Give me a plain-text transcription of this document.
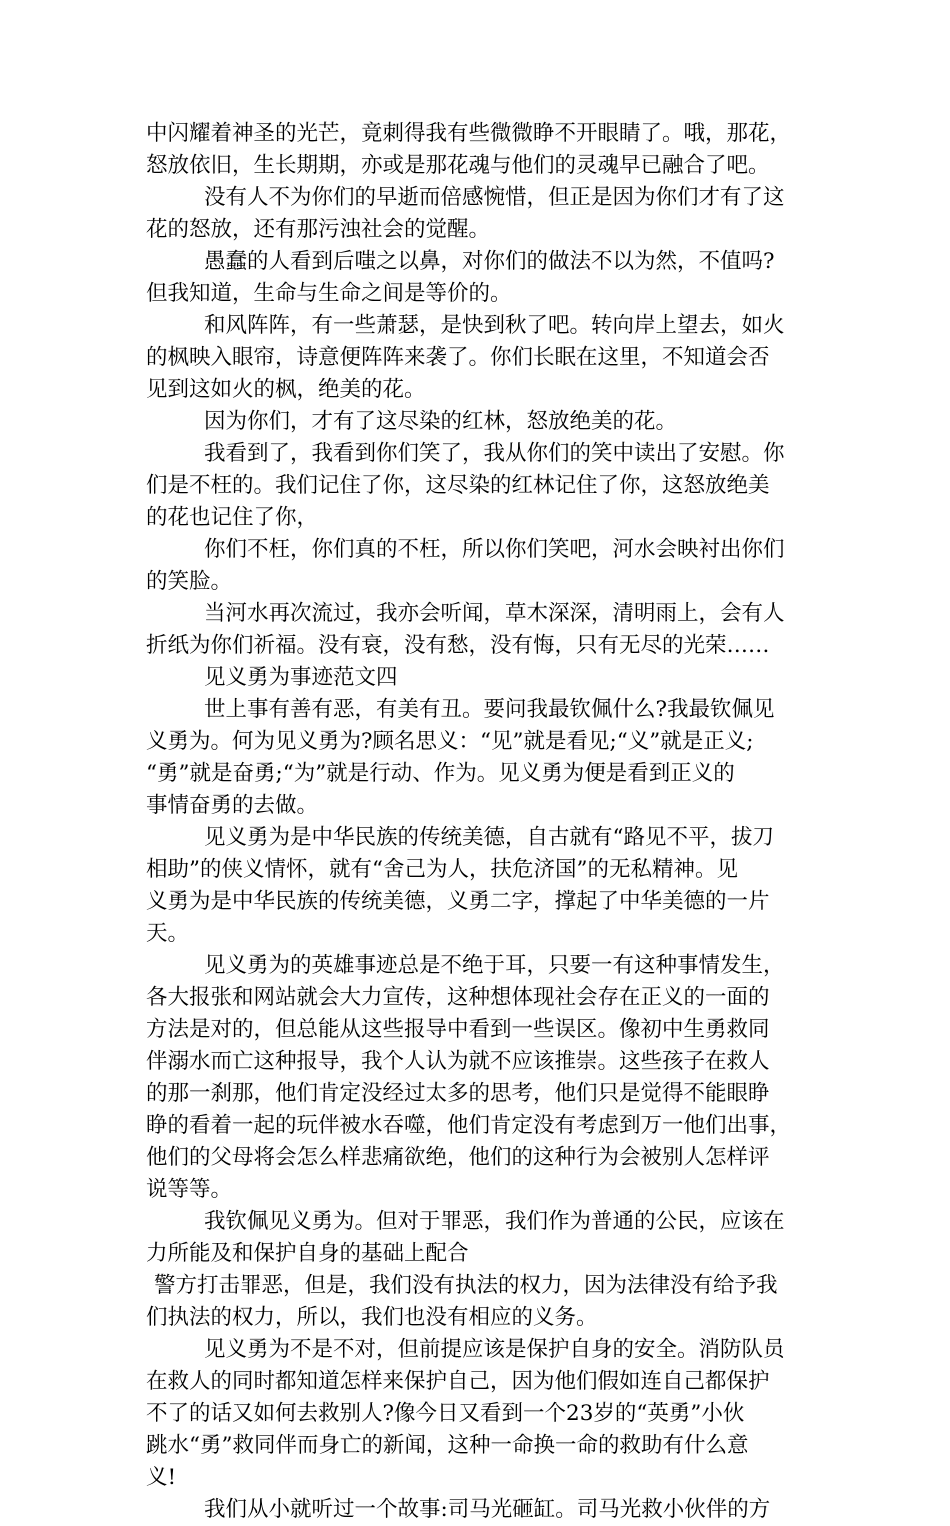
中闪耀着神圣的光芒，竟刺得我有些微微睁不开眼睛了。哦，那花，
怒放依旧，生长期期，亦或是那花魂与他们的灵魂早已融合了吧。
没有人不为你们的早逝而倍感惋惜，但正是因为你们才有了这
花的怒放，还有那污浊社会的觉醒。
愚蠢的人看到后嗤之以鼻，对你们的做法不以为然，不值吗?
但我知道，生命与生命之间是等价的。
和风阵阵，有一些萧瑟，是快到秋了吧。转向岸上望去，如火
的枫映入眼帘，诗意便阵阵来袭了。你们长眠在这里，不知道会否
见到这如火的枫，绝美的花。
因为你们，才有了这尽染的红林，怒放绝美的花。
我看到了，我看到你们笑了，我从你们的笑中读出了安慰。你
们是不枉的。我们记住了你，这尽染的红林记住了你，这怒放绝美
的花也记住了你，
你们不枉，你们真的不枉，所以你们笑吧，河水会映衬出你们
的笑脸。
当河水再次流过，我亦会听闻，草木深深，清明雨上，会有人
折纸为你们祈福。没有衰，没有愁，没有悔，只有无尽的光荣……
见义勇为事迹范文四
世上事有善有恶，有美有丑。要问我最钦佩什么?我最钦佩见
义勇为。何为见义勇为?顾名思义：“见”就是看见;“义”就是正义;
“勇”就是奋勇;“为”就是行动、作为。见义勇为便是看到正义的
事情奋勇的去做。
见义勇为是中华民族的传统美德，自古就有“路见不平，拔刀
相助”的侠义情怀，就有“舍己为人，扶危济国”的无私精神。见
义勇为是中华民族的传统美德，义勇二字，撑起了中华美德的一片
天。
见义勇为的英雄事迹总是不绝于耳，只要一有这种事情发生，
各大报张和网站就会大力宣传，这种想体现社会存在正义的一面的
方法是对的，但总能从这些报导中看到一些误区。像初中生勇救同
伴溺水而亡这种报导，我个人认为就不应该推崇。这些孩子在救人
的那一刹那，他们肯定没经过太多的思考，他们只是觉得不能眼睁
睁的看着一起的玩伴被水吞噬，他们肯定没有考虑到万一他们出事，
他们的父母将会怎么样悲痛欲绝，他们的这种行为会被别人怎样评
说等等。
我钦佩见义勇为。但对于罪恶，我们作为普通的公民，应该在
力所能及和保护自身的基础上配合
警方打击罪恶，但是，我们没有执法的权力，因为法律没有给予我
们执法的权力，所以，我们也没有相应的义务。
见义勇为不是不对，但前提应该是保护自身的安全。消防队员
在救人的同时都知道怎样来保护自己，因为他们假如连自己都保护
不了的话又如何去救别人?像今日又看到一个23岁的“英勇”小伙
跳水“勇”救同伴而身亡的新闻，这种一命换一命的救助有什么意
义!
我们从小就听过一个故事:司马光砸缸。司马光救小伙伴的方
